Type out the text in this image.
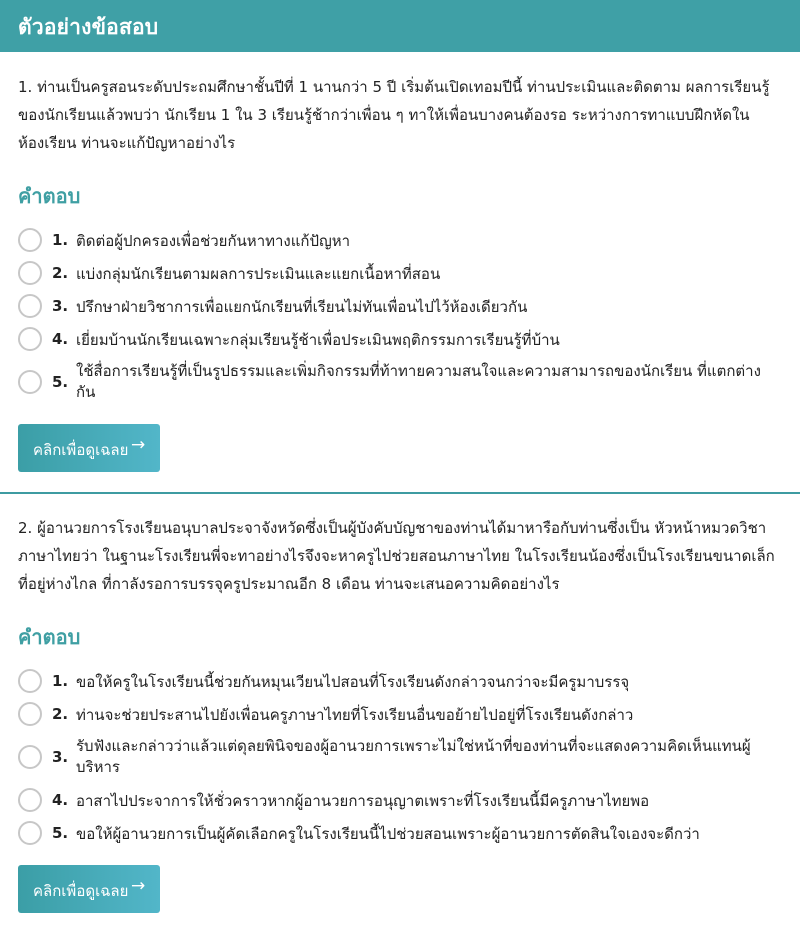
ตัวอย่างข้อสอบ
1. ท่านเป็นครูสอนระดับประถมศึกษาชั้นปีที่ 1 นานกว่า 5 ปี เริ่มต้นเปิดเทอมปีนี้ ท่านประเมินและติดตาม ผลการเรียนรู้ของนักเรียนแล้วพบว่า นักเรียน 1 ใน 3 เรียนรู้ช้ากว่าเพื่อน ๆ ทาให้เพื่อนบางคนต้องรอ ระหว่างการทาแบบฝึกหัดในห้องเรียน ท่านจะแก้ปัญหาอย่างไร
คำตอบ
1. ติดต่อผู้ปกครองเพื่อช่วยกันหาทางแก้ปัญหา
2. แบ่งกลุ่มนักเรียนตามผลการประเมินและแยกเนื้อหาที่สอน
3. ปรึกษาฝ่ายวิชาการเพื่อแยกนักเรียนที่เรียนไม่ทันเพื่อนไปไว้ห้องเดียวกัน
4. เยี่ยมบ้านนักเรียนเฉพาะกลุ่มเรียนรู้ช้าเพื่อประเมินพฤติกรรมการเรียนรู้ที่บ้าน
5.
ใช้สื่อการเรียนรู้ที่เป็นรูปธรรมและเพิ่มกิจกรรมที่ท้าทายความสนใจและความสามารถของนักเรียน ที่แตกต่างกัน
คลิกเพื่อดูเฉลย →
2. ผู้อานวยการโรงเรียนอนุบาลประจาจังหวัดซึ่งเป็นผู้บังคับบัญชาของท่านได้มาหารือกับท่านซึ่งเป็น หัวหน้าหมวดวิชาภาษาไทยว่า ในฐานะโรงเรียนพี่จะทาอย่างไรจึงจะหาครูไปช่วยสอนภาษาไทย ในโรงเรียนน้องซึ่งเป็นโรงเรียนขนาดเล็กที่อยู่ห่างไกล ที่กาลังรอการบรรจุครูประมาณอีก 8 เดือน ท่านจะเสนอความคิดอย่างไร
คำตอบ
1. ขอให้ครูในโรงเรียนนี้ช่วยกันหมุนเวียนไปสอนที่โรงเรียนดังกล่าวจนกว่าจะมีครูมาบรรจุ
2. ท่านจะช่วยประสานไปยังเพื่อนครูภาษาไทยที่โรงเรียนอื่นขอย้ายไปอยู่ที่โรงเรียนดังกล่าว
3.
รับฟังและกล่าวว่าแล้วแต่ดุลยพินิจของผู้อานวยการเพราะไม่ใช่หน้าที่ของท่านที่จะแสดงความคิดเห็นแทนผู้บริหาร
4. อาสาไปประจาการให้ชั่วคราวหากผู้อานวยการอนุญาตเพราะที่โรงเรียนนี้มีครูภาษาไทยพอ
5. ขอให้ผู้อานวยการเป็นผู้คัดเลือกครูในโรงเรียนนี้ไปช่วยสอนเพราะผู้อานวยการตัดสินใจเองจะดีกว่า
คลิกเพื่อดูเฉลย →
